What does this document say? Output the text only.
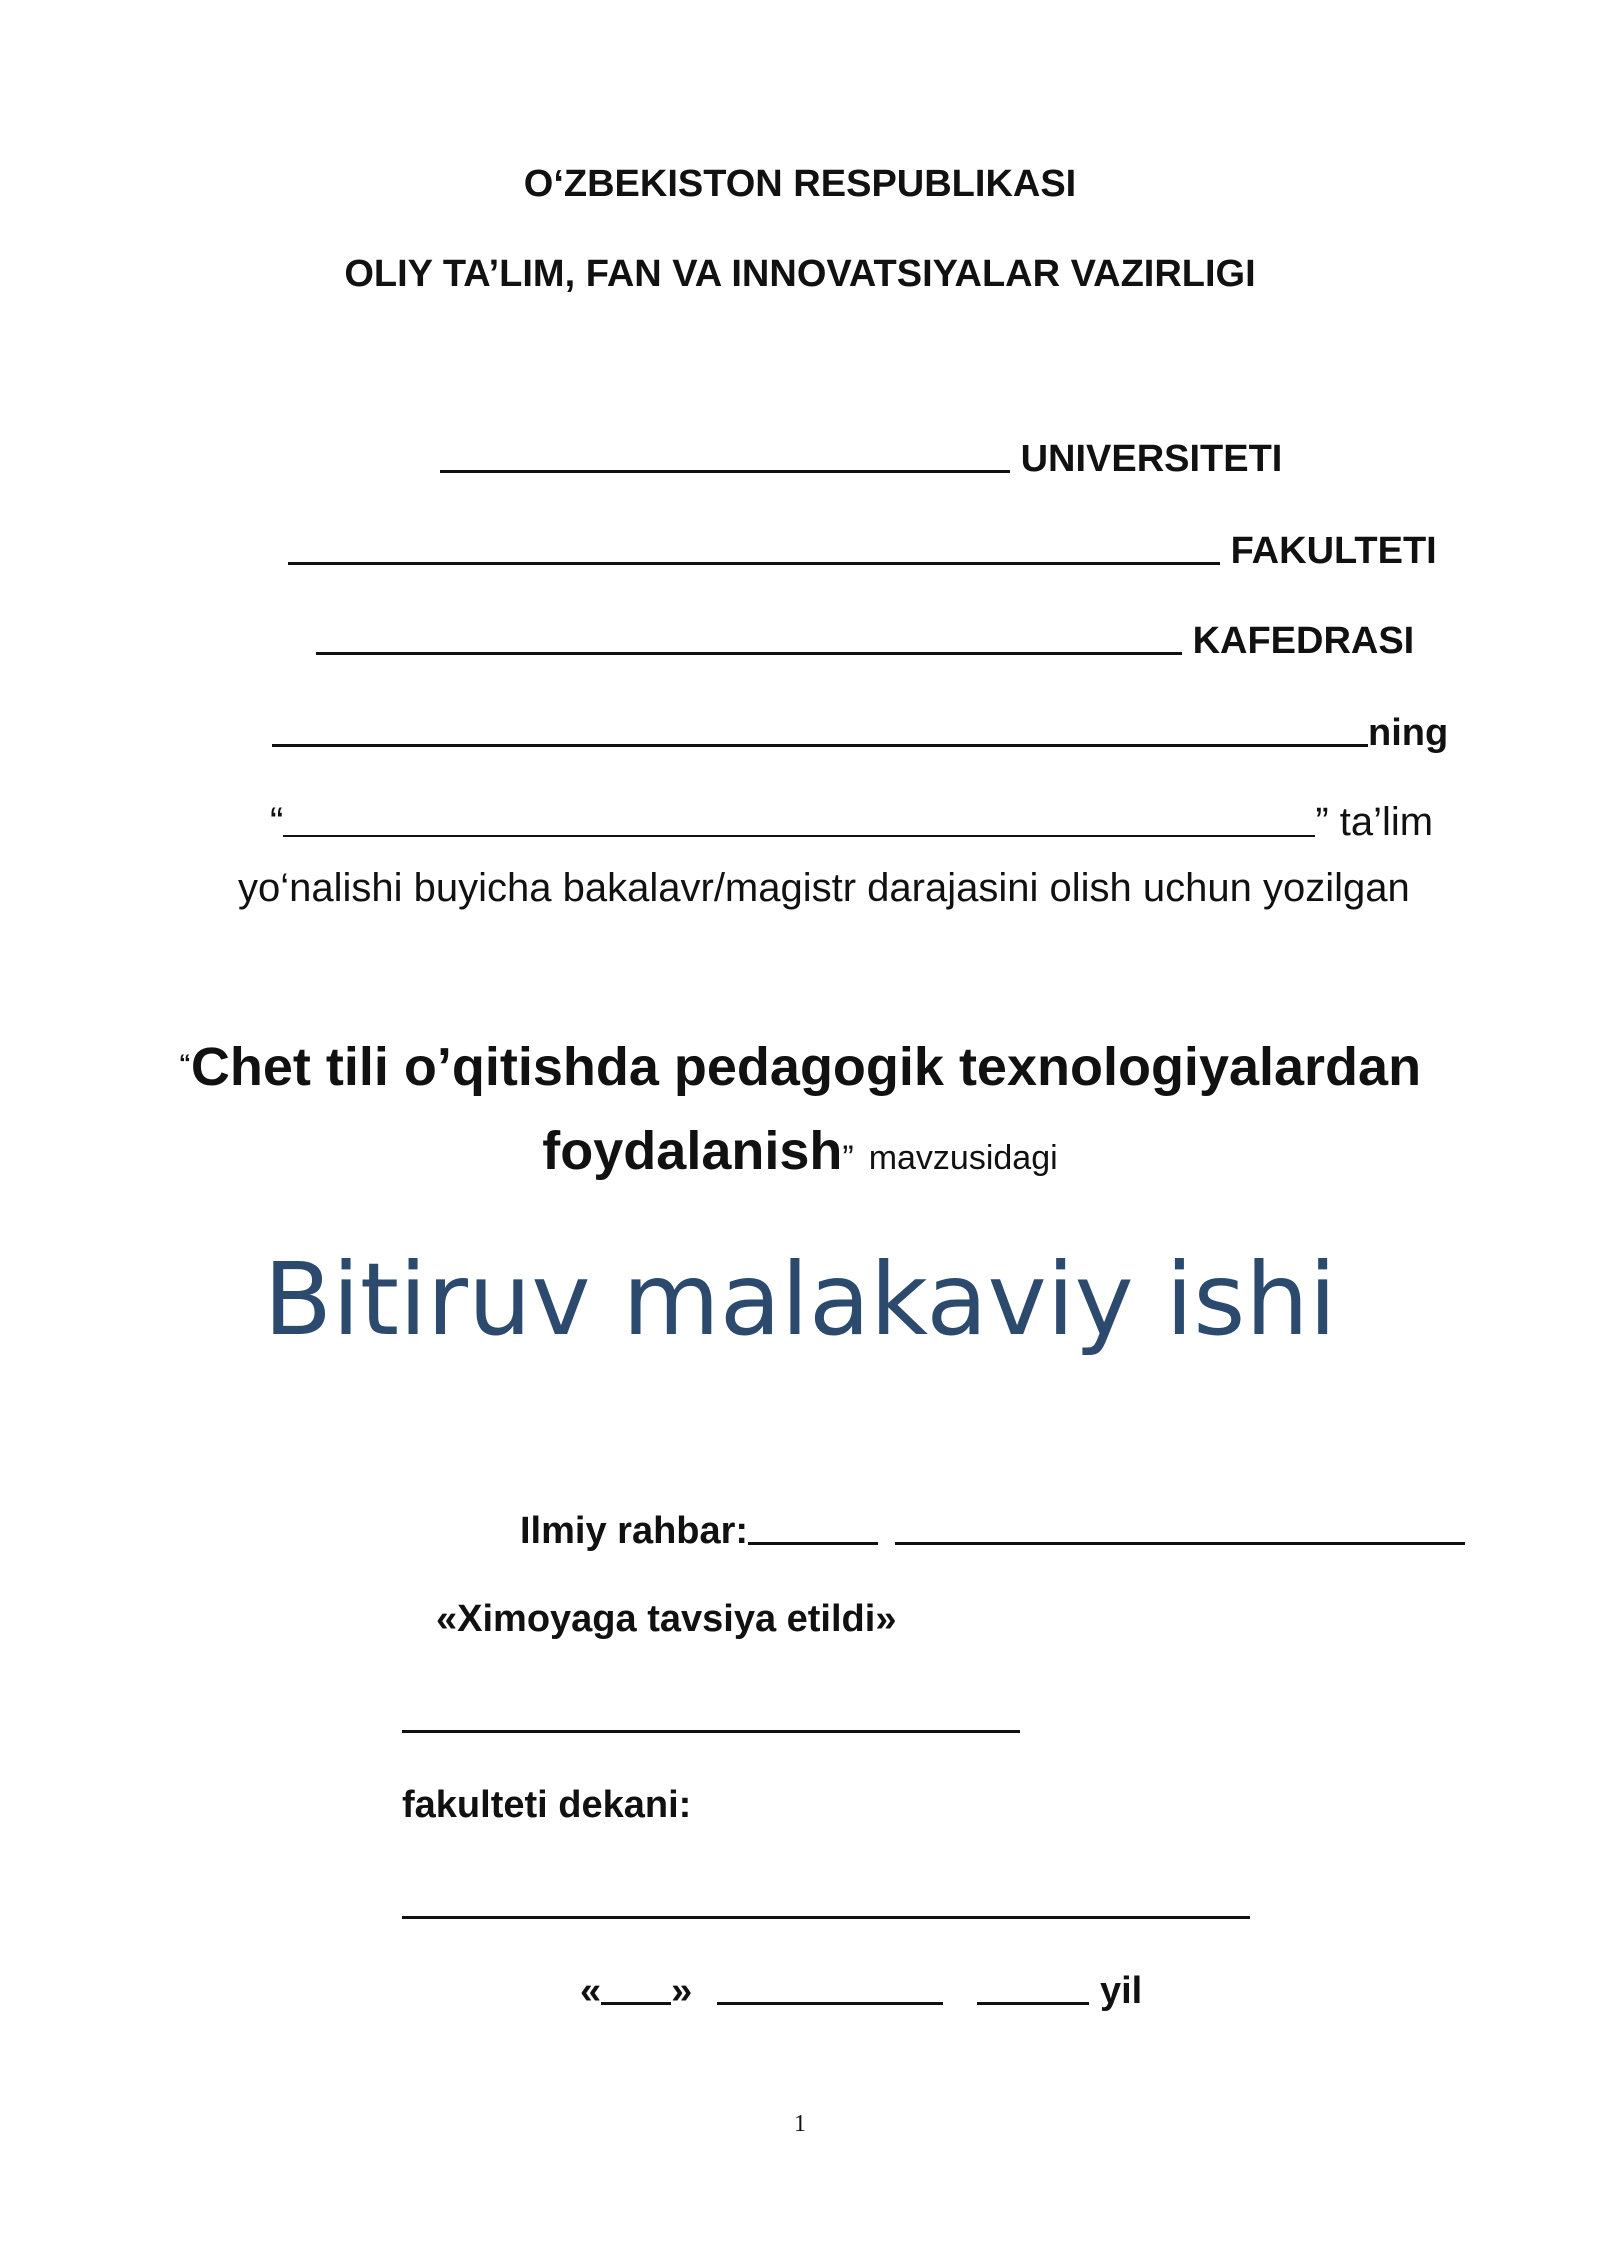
O‘ZBEKISTON RESPUBLIKASI
OLIY TA’LIM, FAN VA INNOVATSIYALAR VAZIRLIGI
UNIVERSITETI
FAKULTETI
KAFEDRASI
ning
“	” ta’lim
yo‘nalishi buyicha bakalavr/magistr darajasini olish uchun yozilgan
“Chet tili o’qitishda pedagogik texnologiyalardan
foydalanish” mavzusidagi
Bitiruv malakaviy ishi
Ilmiy rahbar:
«Ximoyaga tavsiya etildi»
fakulteti dekani:
« »	yil
1
